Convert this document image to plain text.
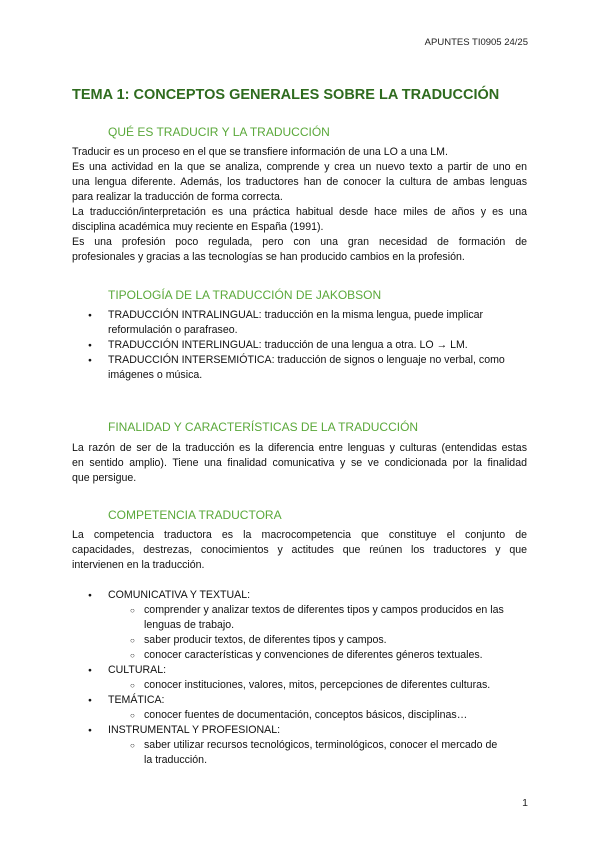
APUNTES TI0905 24/25
TEMA 1: CONCEPTOS GENERALES SOBRE LA TRADUCCIÓN
QUÉ ES TRADUCIR Y LA TRADUCCIÓN
Traducir es un proceso en el que se transfiere información de una LO a una LM.
Es una actividad en la que se analiza, comprende y crea un nuevo texto a partir de uno en
una lengua diferente. Además, los traductores han de conocer la cultura de ambas lenguas
para realizar la traducción de forma correcta.
La traducción/interpretación es una práctica habitual desde hace miles de años y es una
disciplina académica muy reciente en España (1991).
Es una profesión poco regulada, pero con una gran necesidad de formación de
profesionales y gracias a las tecnologías se han producido cambios en la profesión.
TIPOLOGÍA DE LA TRADUCCIÓN DE JAKOBSON
● TRADUCCIÓN INTRALINGUAL: traducción en la misma lengua, puede implicar
reformulación o parafraseo.
● TRADUCCIÓN INTERLINGUAL: traducción de una lengua a otra. LO → LM.
● TRADUCCIÓN INTERSEMIÓTICA: traducción de signos o lenguaje no verbal, como
imágenes o música.
FINALIDAD Y CARACTERÍSTICAS DE LA TRADUCCIÓN
La razón de ser de la traducción es la diferencia entre lenguas y culturas (entendidas estas
en sentido amplio). Tiene una finalidad comunicativa y se ve condicionada por la finalidad
que persigue.
COMPETENCIA TRADUCTORA
La competencia traductora es la macrocompetencia que constituye el conjunto de
capacidades, destrezas, conocimientos y actitudes que reúnen los traductores y que
intervienen en la traducción.
● COMUNICATIVA Y TEXTUAL:
○ comprender y analizar textos de diferentes tipos y campos producidos en las
lenguas de trabajo.
○ saber producir textos, de diferentes tipos y campos.
○ conocer características y convenciones de diferentes géneros textuales.
● CULTURAL:
○ conocer instituciones, valores, mitos, percepciones de diferentes culturas.
● TEMÁTICA:
○ conocer fuentes de documentación, conceptos básicos, disciplinas…
● INSTRUMENTAL Y PROFESIONAL:
○ saber utilizar recursos tecnológicos, terminológicos, conocer el mercado de
la traducción.
1
